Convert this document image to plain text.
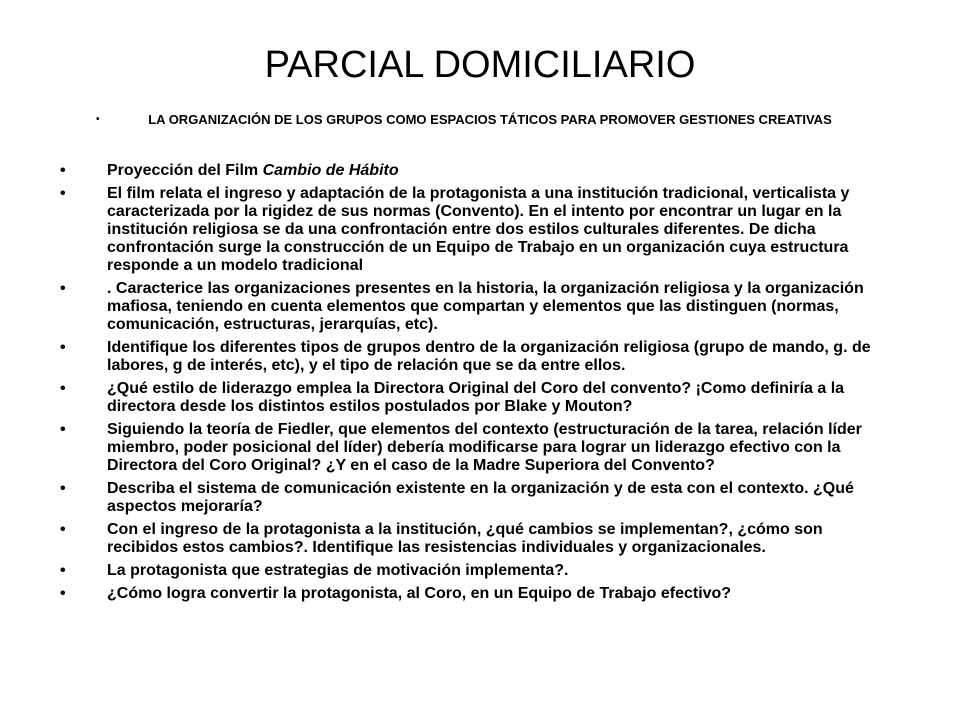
PARCIAL DOMICILIARIO
•	LA ORGANIZACIÓN DE LOS GRUPOS COMO ESPACIOS TÁTICOS PARA PROMOVER GESTIONES CREATIVAS
•	Proyección del Film Cambio de Hábito
•	El film relata el ingreso y adaptación de la protagonista a una institución tradicional, verticalista y caracterizada por la rigidez de sus normas (Convento). En el intento por encontrar un lugar en la institución religiosa se da una confrontación entre dos estilos culturales diferentes. De dicha confrontación surge la construcción de un Equipo de Trabajo en un organización cuya estructura responde a un modelo tradicional
•	. Caracterice las organizaciones presentes en la historia, la organización religiosa y la organización mafiosa, teniendo en cuenta elementos que compartan y elementos que las distinguen (normas, comunicación, estructuras, jerarquías, etc).
•	Identifique los diferentes tipos de grupos dentro de la organización religiosa (grupo de mando, g. de labores, g de interés, etc), y el tipo de relación que se da entre ellos.
•	¿Qué estilo de liderazgo emplea la Directora Original del Coro del convento? ¡Como definiría a la directora desde los distintos estilos postulados por Blake y Mouton?
•	Siguiendo la teoría de Fiedler, que elementos del contexto (estructuración de la tarea, relación líder miembro, poder posicional del líder) debería modificarse para lograr un liderazgo efectivo con la Directora del Coro Original? ¿Y en el caso de la Madre Superiora del Convento?
•	Describa el sistema de comunicación existente en la organización y de esta con el contexto. ¿Qué aspectos mejoraría?
•	Con el ingreso de la protagonista a la institución, ¿qué cambios se implementan?, ¿cómo son recibidos estos cambios?. Identifique las resistencias individuales y organizacionales.
•	La protagonista que estrategias de motivación implementa?.
•	¿Cómo logra convertir la protagonista, al Coro, en un Equipo de Trabajo efectivo?
